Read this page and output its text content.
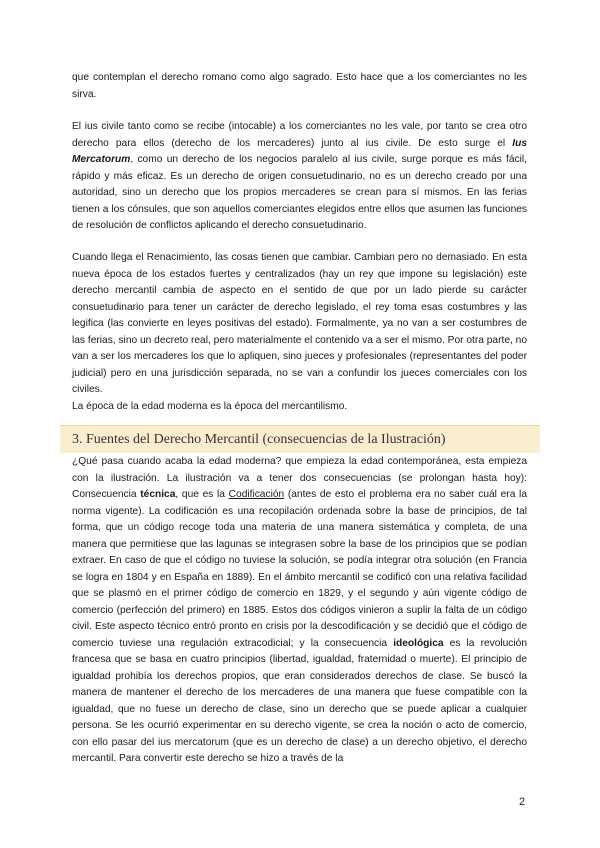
que contemplan el derecho romano como algo sagrado. Esto hace que a los comerciantes no les sirva.

El ius civile tanto como se recibe (intocable) a los comerciantes no les vale, por tanto se crea otro derecho para ellos (derecho de los mercaderes) junto al ius civile. De esto surge el Ius Mercatorum, como un derecho de los negocios paralelo al ius civile, surge porque es más fácil, rápido y más eficaz. Es un derecho de origen consuetudinario, no es un derecho creado por una autoridad, sino un derecho que los propios mercaderes se crean para sí mismos. En las ferias tienen a los cónsules, que son aquellos comerciantes elegidos entre ellos que asumen las funciones de resolución de conflictos aplicando el derecho consuetudinario.

Cuando llega el Renacimiento, las cosas tienen que cambiar. Cambian pero no demasiado. En esta nueva época de los estados fuertes y centralizados (hay un rey que impone su legislación) este derecho mercantil cambia de aspecto en el sentido de que por un lado pierde su carácter consuetudinario para tener un carácter de derecho legislado, el rey toma esas costumbres y las legifica (las convierte en leyes positivas del estado). Formalmente, ya no van a ser costumbres de las ferias, sino un decreto real, pero materialmente el contenido va a ser el mismo. Por otra parte, no van a ser los mercaderes los que lo apliquen, sino jueces y profesionales (representantes del poder judicial) pero en una jurisdicción separada, no se van a confundir los jueces comerciales con los civiles.
La época de la edad moderna es la época del mercantilismo.

3. Fuentes del Derecho Mercantil (consecuencias de la Ilustración)

¿Qué pasa cuando acaba la edad moderna? que empieza la edad contemporánea, esta empieza con la ilustración. La ilustración va a tener dos consecuencias (se prolongan hasta hoy): Consecuencia técnica, que es la Codificación (antes de esto el problema era no saber cuál era la norma vigente). La codificación es una recopilación ordenada sobre la base de principios, de tal forma, que un código recoge toda una materia de una manera sistemática y completa, de una manera que permitiese que las lagunas se integrasen sobre la base de los principios que se podían extraer. En caso de que el código no tuviese la solución, se podía integrar otra solución (en Francia se logra en 1804 y en España en 1889). En el ámbito mercantil se codificó con una relativa facilidad que se plasmó en el primer código de comercio en 1829, y el segundo y aún vigente código de comercio (perfección del primero) en 1885. Estos dos códigos vinieron a suplir la falta de un código civil. Este aspecto técnico entró pronto en crisis por la descodificación y se decidió que el código de comercio tuviese una regulación extracodicial; y la consecuencia ideológica es la revolución francesa que se basa en cuatro principios (libertad, igualdad, fraternidad o muerte). El principio de igualdad prohibía los derechos propios, que eran considerados derechos de clase. Se buscó la manera de mantener el derecho de los mercaderes de una manera que fuese compatible con la igualdad, que no fuese un derecho de clase, sino un derecho que se puede aplicar a cualquier persona. Se les ocurrió experimentar en su derecho vigente, se crea la noción o acto de comercio, con ello pasar del ius mercatorum (que es un derecho de clase) a un derecho objetivo, el derecho mercantil. Para convertir este derecho se hizo a través de la

2
